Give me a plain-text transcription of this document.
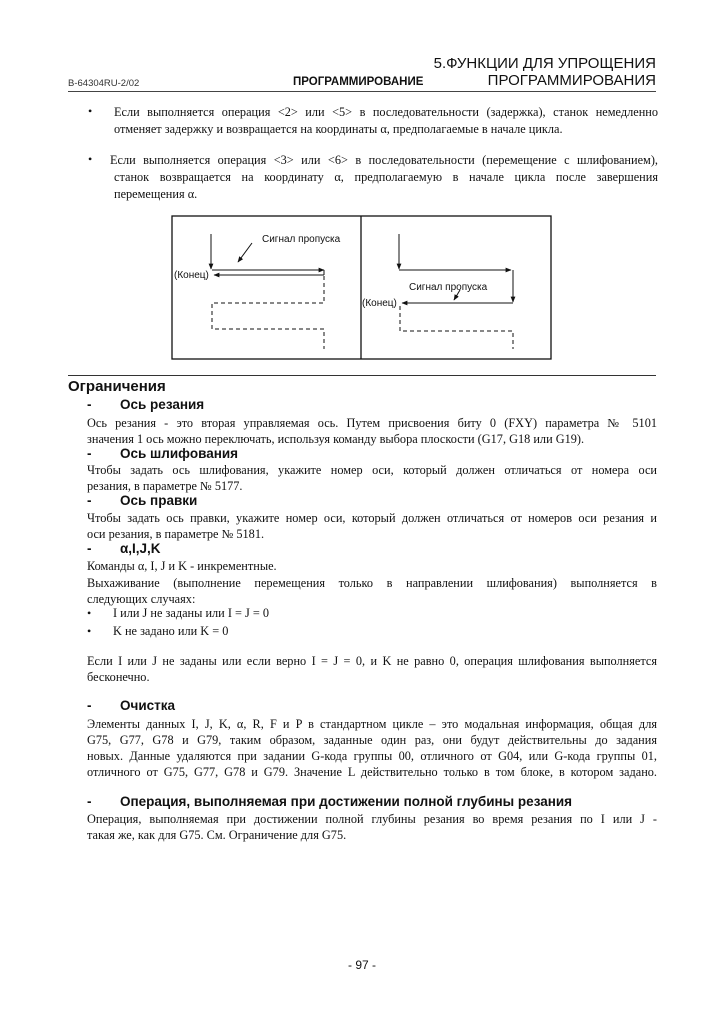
5.ФУНКЦИИ ДЛЯ УПРОЩЕНИЯ
B-64304RU-2/02	ПРОГРАММИРОВАНИЕ	ПРОГРАММИРОВАНИЯ
• Если выполняется операция <2> или <5> в последовательности (задержка), станок немедленно
отменяет задержку и возвращается на координаты α, предполагаемые в начале цикла.
• Если выполняется операция <3> или <6> в последовательности (перемещение с шлифованием),
станок возвращается на координату α, предполагаемую в начале цикла после завершения
перемещения α.
Сигнал пропуска
(Конец)
Сигнал пропуска
(Конец)
Ограничения
- Ось резания
Ось резания - это вторая управляемая ось. Путем присвоения биту 0 (FXY) параметра № 5101
значения 1 ось можно переключать, используя команду выбора плоскости (G17, G18 или G19).
- Ось шлифования
Чтобы задать ось шлифования, укажите номер оси, который должен отличаться от номера оси
резания, в параметре № 5177.
- Ось правки
Чтобы задать ось правки, укажите номер оси, который должен отличаться от номеров оси резания и
оси резания, в параметре № 5181.
- α,I,J,K
Команды α, I, J и K - инкрементные.
Выхаживание (выполнение перемещения только в направлении шлифования) выполняется в
следующих случаях:
• I или J не заданы или I = J = 0
• K не задано или K = 0
Если I или J не заданы или если верно I = J = 0, и K не равно 0, операция шлифования выполняется
бесконечно.
- Очистка
Элементы данных I, J, K, α, R, F и P в стандартном цикле – это модальная информация, общая для
G75, G77, G78 и G79, таким образом, заданные один раз, они будут действительны до задания
новых. Данные удаляются при задании G-кода группы 00, отличного от G04, или G-кода группы 01,
отличного от G75, G77, G78 и G79. Значение L действительно только в том блоке, в котором задано.
- Операция, выполняемая при достижении полной глубины резания
Операция, выполняемая при достижении полной глубины резания во время резания по I или J -
такая же, как для G75. См. Ограничение для G75.
- 97 -
